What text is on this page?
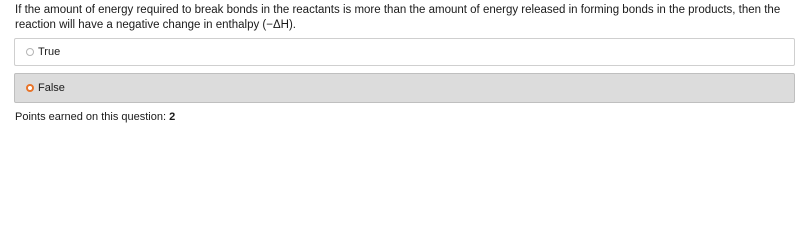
If the amount of energy required to break bonds in the reactants is more than the amount of energy released in forming bonds in the products, then the reaction will have a negative change in enthalpy (−ΔH).
True
False
Points earned on this question: 2
